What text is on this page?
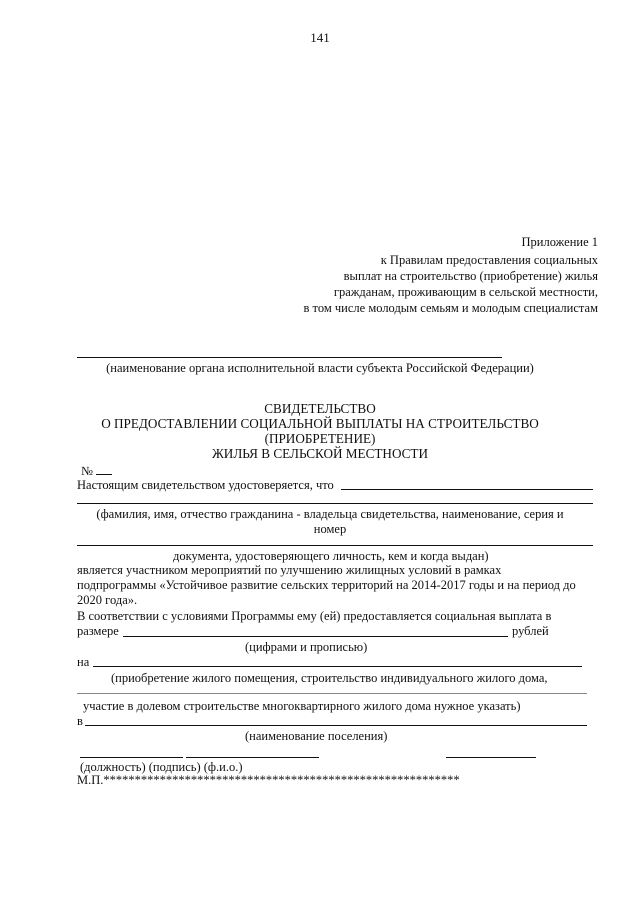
141
Приложение 1
к Правилам предоставления социальных
выплат на строительство (приобретение) жилья
гражданам, проживающим в сельской местности,
в том числе молодым семьям и молодым специалистам
(наименование органа исполнительной власти субъекта Российской Федерации)
СВИДЕТЕЛЬСТВО
О ПРЕДОСТАВЛЕНИИ СОЦИАЛЬНОЙ ВЫПЛАТЫ НА СТРОИТЕЛЬСТВО
(ПРИОБРЕТЕНИЕ)
ЖИЛЬЯ В СЕЛЬСКОЙ МЕСТНОСТИ
№
Настоящим свидетельством удостоверяется, что
(фамилия, имя, отчество гражданина - владельца свидетельства, наименование, серия и
номер
документа, удостоверяющего личность, кем и когда выдан)
является участником мероприятий по улучшению жилищных условий в рамках
подпрограммы «Устойчивое развитие сельских территорий на 2014-2017 годы и на период до
2020 года».
В соответствии с условиями Программы ему (ей) предоставляется социальная выплата в
размере	рублей
(цифрами и прописью)
на
(приобретение жилого помещения, строительство индивидуального жилого дома,
участие в долевом строительстве многоквартирного жилого дома нужное указать)
в
(наименование поселения)
(должность) (подпись) (ф.и.о.)
М.П.*********************************************************
